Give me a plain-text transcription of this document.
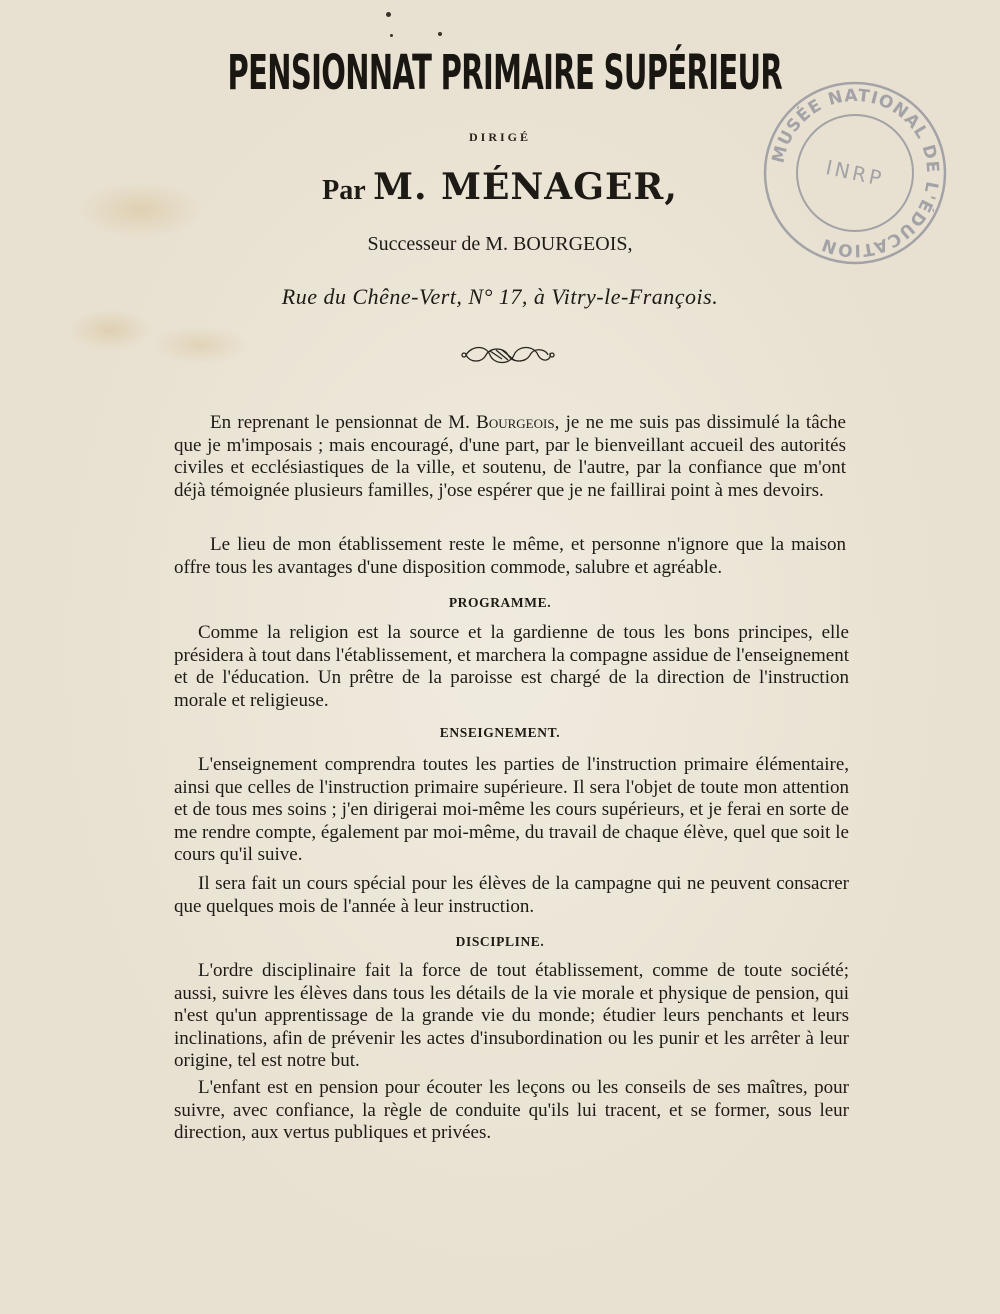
PENSIONNAT PRIMAIRE SUPÉRIEUR
DIRIGÉ
Par M. MÉNAGER,
Successeur de M. BOURGEOIS,
Rue du Chêne-Vert, N° 17, à Vitry-le-François.
MUSÉE NATIONAL DE L'ÉDUCATION
INRP

En reprenant le pensionnat de M. Bourgeois, je ne me suis pas dissimulé la tâche que je m'imposais ; mais encouragé, d'une part, par le bienveillant accueil des autorités civiles et ecclésiastiques de la ville, et soutenu, de l'autre, par la confiance que m'ont déjà témoignée plusieurs familles, j'ose espérer que je ne faillirai point à mes devoirs.

Le lieu de mon établissement reste le même, et personne n'ignore que la maison offre tous les avantages d'une disposition commode, salubre et agréable.

PROGRAMME.

Comme la religion est la source et la gardienne de tous les bons principes, elle présidera à tout dans l'établissement, et marchera la compagne assidue de l'enseignement et de l'éducation. Un prêtre de la paroisse est chargé de la direction de l'instruction morale et religieuse.

ENSEIGNEMENT.

L'enseignement comprendra toutes les parties de l'instruction primaire élémentaire, ainsi que celles de l'instruction primaire supérieure. Il sera l'objet de toute mon attention et de tous mes soins ; j'en dirigerai moi-même les cours supérieurs, et je ferai en sorte de me rendre compte, également par moi-même, du travail de chaque élève, quel que soit le cours qu'il suive.

Il sera fait un cours spécial pour les élèves de la campagne qui ne peuvent consacrer que quelques mois de l'année à leur instruction.

DISCIPLINE.

L'ordre disciplinaire fait la force de tout établissement, comme de toute société; aussi, suivre les élèves dans tous les détails de la vie morale et physique de pension, qui n'est qu'un apprentissage de la grande vie du monde; étudier leurs penchants et leurs inclinations, afin de prévenir les actes d'insubordination ou les punir et les arrêter à leur origine, tel est notre but.

L'enfant est en pension pour écouter les leçons ou les conseils de ses maîtres, pour suivre, avec confiance, la règle de conduite qu'ils lui tracent, et se former, sous leur direction, aux vertus publiques et privées.
